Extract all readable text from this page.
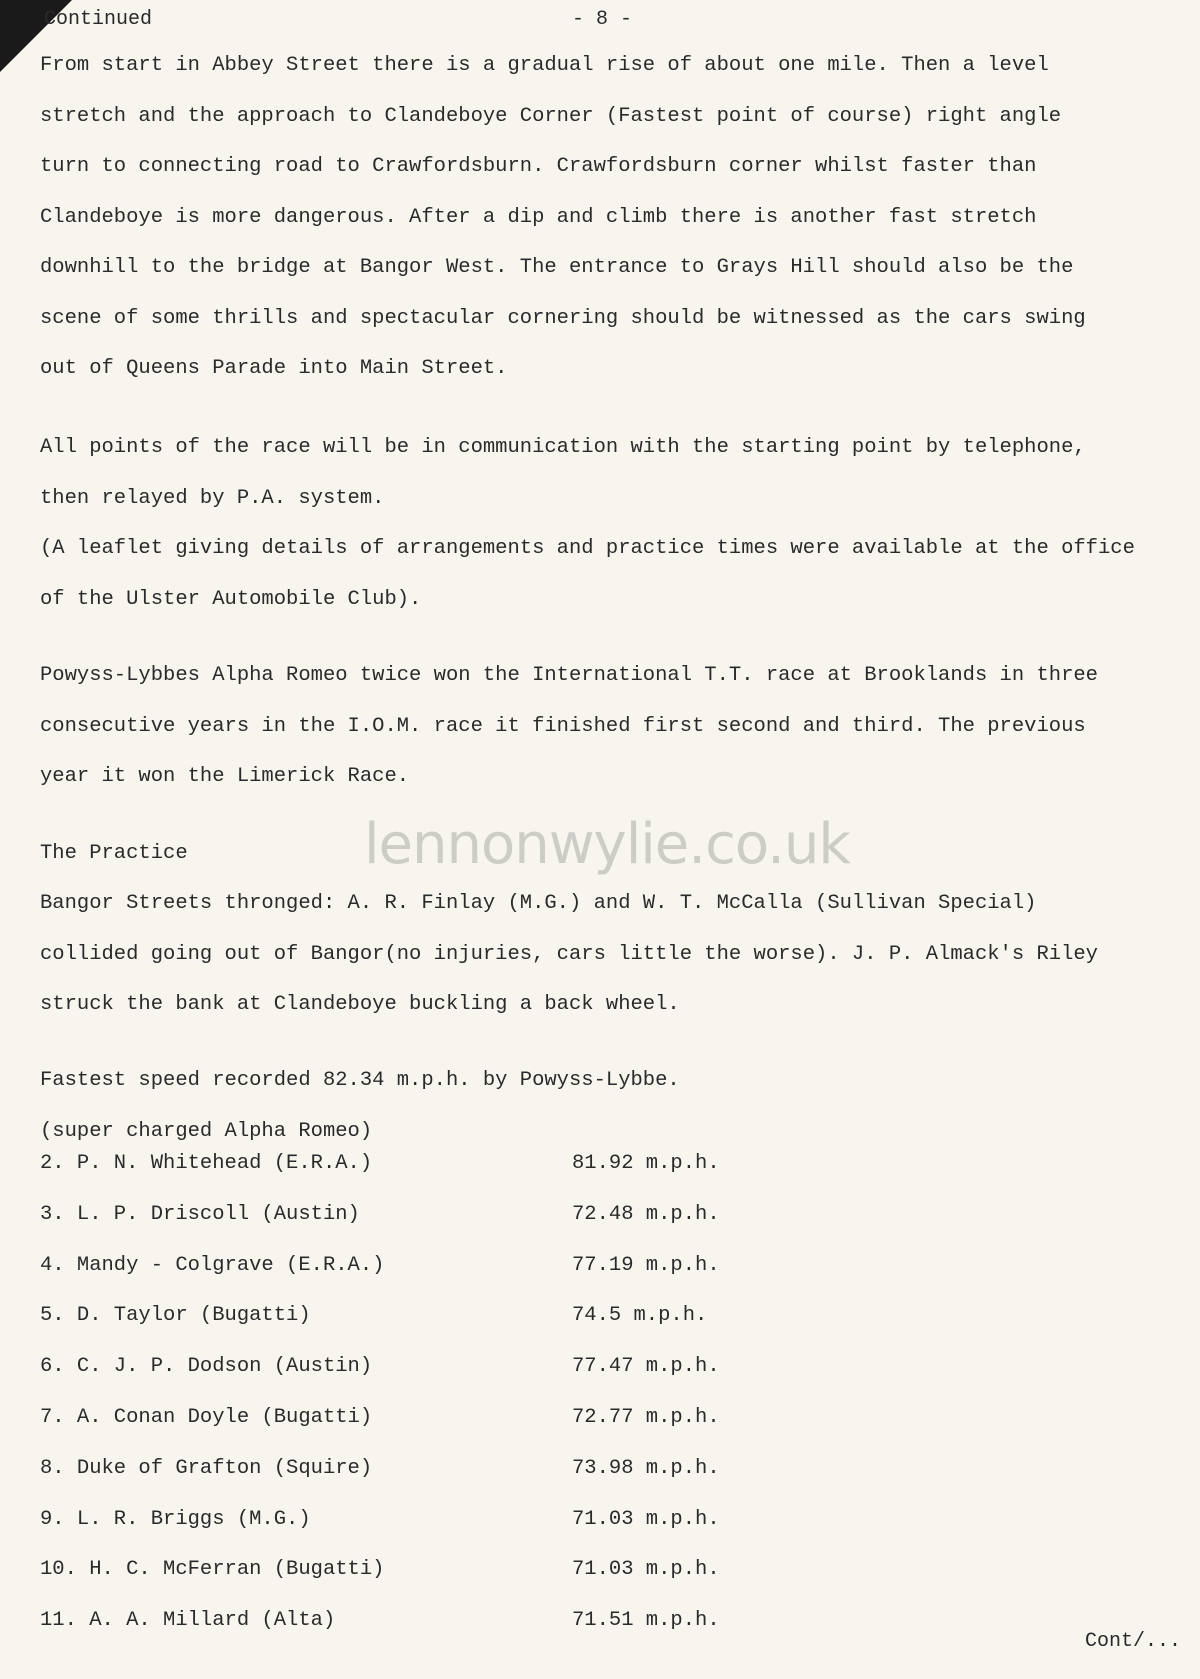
Continued	- 8 -

From start in Abbey Street there is a gradual rise of about one mile. Then a level

stretch and the approach to Clandeboye Corner (Fastest point of course) right angle

turn to connecting road to Crawfordsburn. Crawfordsburn corner whilst faster than

Clandeboye is more dangerous. After a dip and climb there is another fast stretch

downhill to the bridge at Bangor West. The entrance to Grays Hill should also be the

scene of some thrills and spectacular cornering should be witnessed as the cars swing

out of Queens Parade into Main Street.

All points of the race will be in communication with the starting point by telephone,

then relayed by P.A. system.

(A leaflet giving details of arrangements and practice times were available at the office

of the Ulster Automobile Club).

Powyss-Lybbes Alpha Romeo twice won the International T.T. race at Brooklands in three

consecutive years in the I.O.M. race it finished first second and third. The previous

year it won the Limerick Race.

lennonwylie.co.uk
The Practice

Bangor Streets thronged: A. R. Finlay (M.G.) and W. T. McCalla (Sullivan Special)

collided going out of Bangor(no injuries, cars little the worse). J. P. Almack's Riley

struck the bank at Clandeboye buckling a back wheel.

Fastest speed recorded 82.34 m.p.h. by Powyss-Lybbe.

(super charged Alpha Romeo)

2. P. N. Whitehead (E.R.A.)	81.92 m.p.h.
3. L. P. Driscoll (Austin)	72.48 m.p.h.
4. Mandy - Colgrave (E.R.A.)	77.19 m.p.h.
5. D. Taylor (Bugatti)	74.5 m.p.h.
6. C. J. P. Dodson (Austin)	77.47 m.p.h.
7. A. Conan Doyle (Bugatti)	72.77 m.p.h.
8. Duke of Grafton (Squire)	73.98 m.p.h.
9. L. R. Briggs (M.G.)	71.03 m.p.h.
10. H. C. McFerran (Bugatti)	71.03 m.p.h.
11. A. A. Millard (Alta)	71.51 m.p.h.
Cont/...
